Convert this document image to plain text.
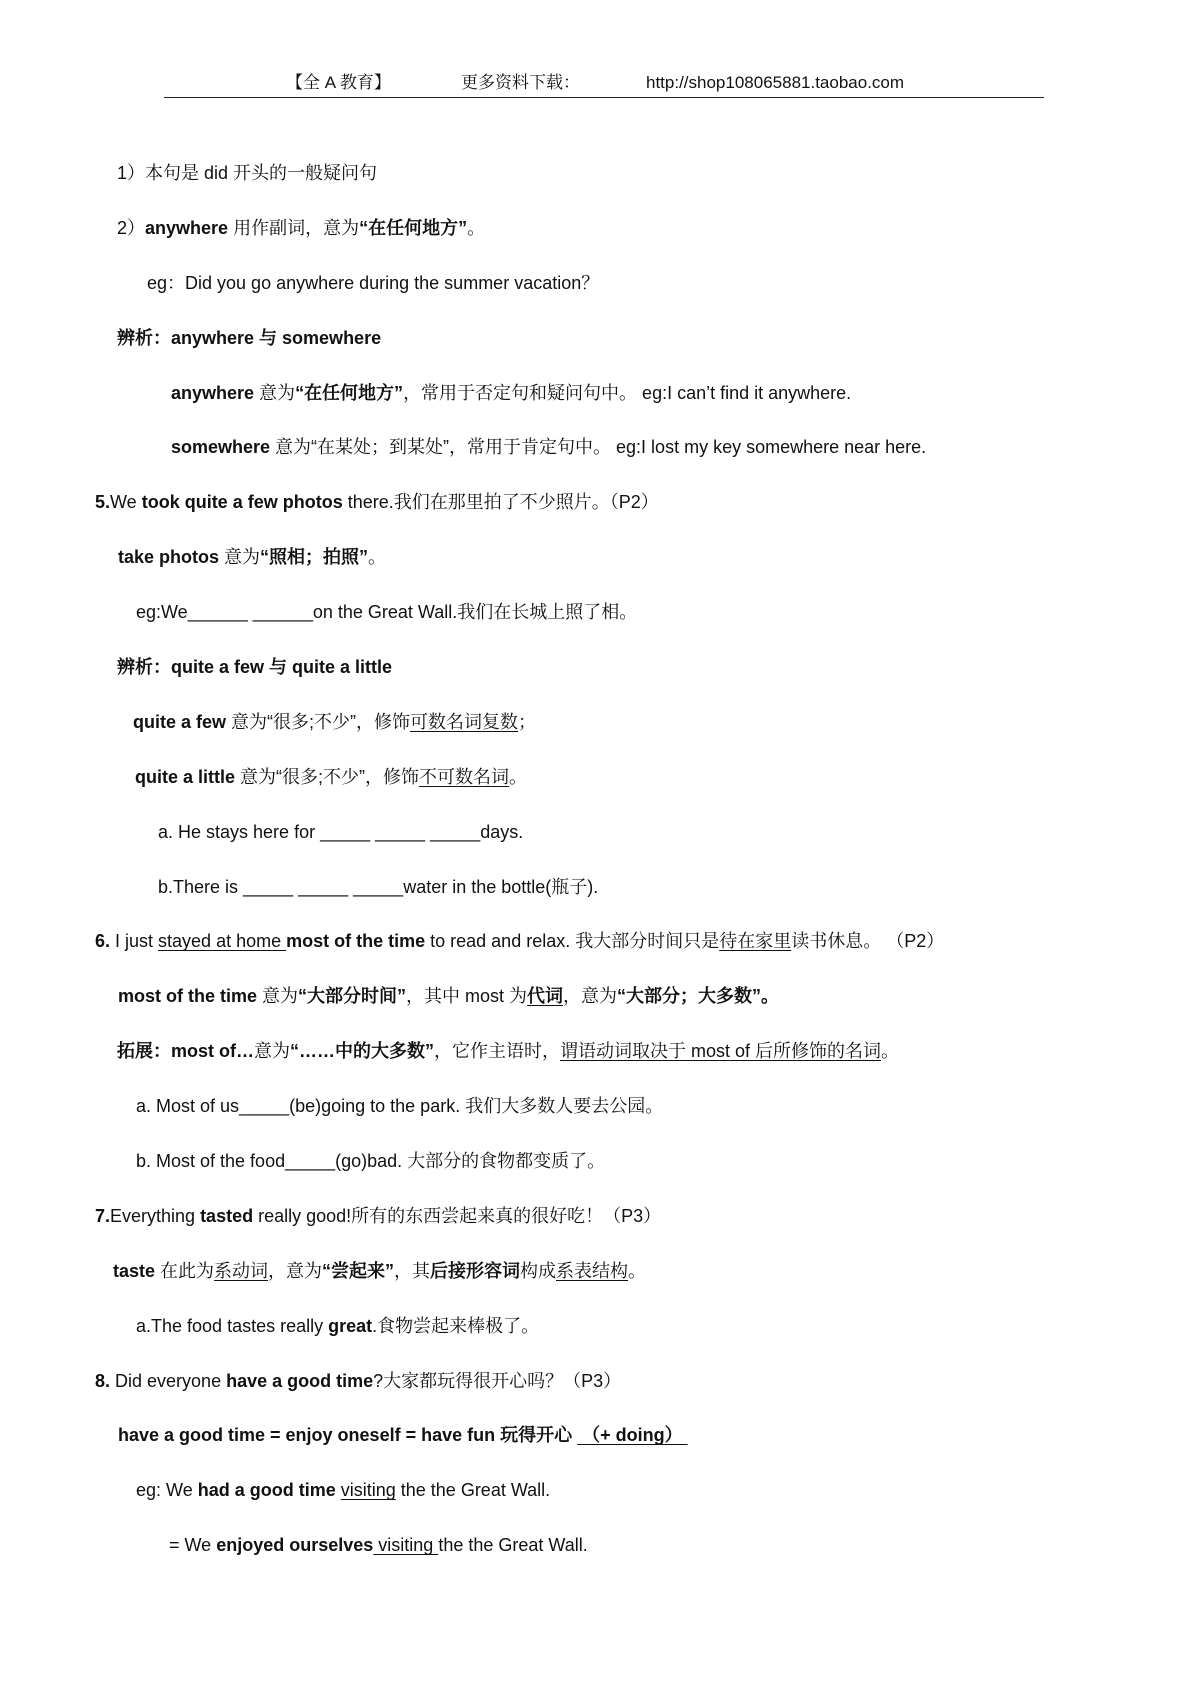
【全 A 教育】	更多资料下载：	http://shop108065881.taobao.com
1）本句是 did 开头的一般疑问句
2）anywhere 用作副词，意为“在任何地方”。
eg：Did you go anywhere during the summer vacation？
辨析：anywhere 与 somewhere
anywhere 意为“在任何地方”，常用于否定句和疑问句中。 eg:I can’t find it anywhere.
somewhere 意为“在某处；到某处”，常用于肯定句中。 eg:I lost my key somewhere near here.
5.We took quite a few photos there.我们在那里拍了不少照片。（P2）
take photos 意为“照相；拍照”。
eg:We______ ______on the Great Wall.我们在长城上照了相。
辨析：quite a few 与 quite a little
quite a few 意为“很多;不少”，修饰可数名词复数；
quite a little 意为“很多;不少”，修饰不可数名词。
a. He stays here for _____ _____ _____days.
b.There is _____ _____ _____water in the bottle(瓶子).
6. I just stayed at home most of the time to read and relax. 我大部分时间只是待在家里读书休息。 （P2）
most of the time 意为“大部分时间”，其中 most 为代词，意为“大部分；大多数”。
拓展：most of…意为“……中的大多数”，它作主语时，谓语动词取决于 most of 后所修饰的名词。
a. Most of us_____(be)going to the park. 我们大多数人要去公园。
b. Most of the food_____(go)bad. 大部分的食物都变质了。
7.Everything tasted really good!所有的东西尝起来真的很好吃！（P3）
taste 在此为系动词，意为“尝起来”，其后接形容词构成系表结构。
a.The food tastes really great.食物尝起来棒极了。
8. Did everyone have a good time?大家都玩得很开心吗？（P3）
have a good time = enjoy oneself = have fun 玩得开心  （+ doing）
eg: We had a good time visiting the the Great Wall.
= We enjoyed ourselves visiting the the Great Wall.
